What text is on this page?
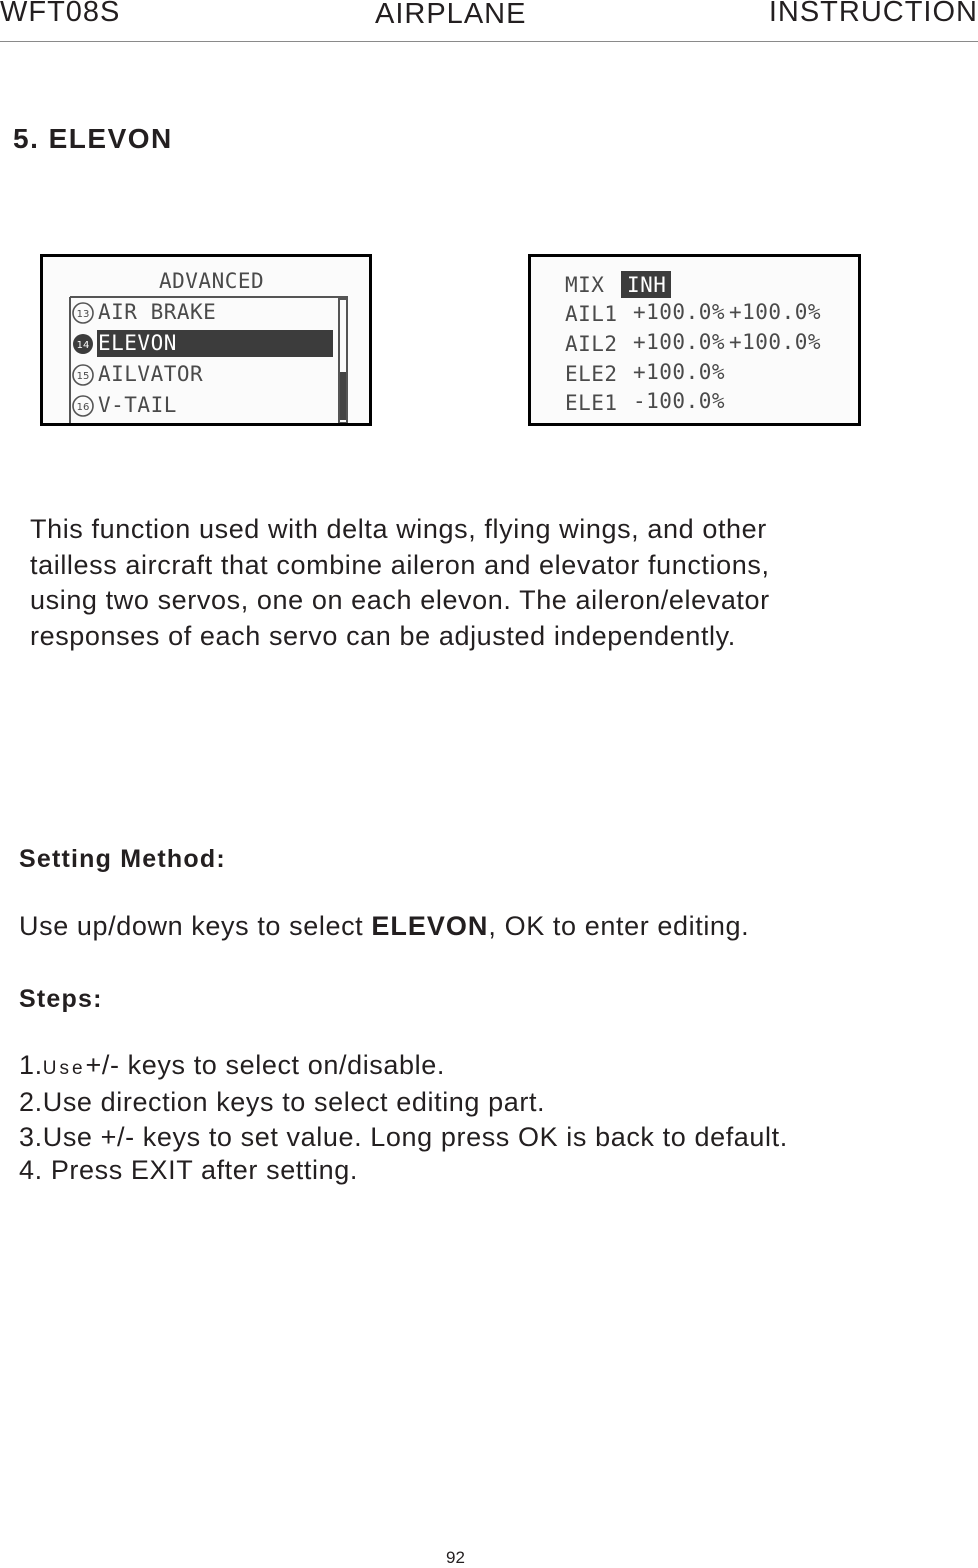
WFT08S	AIRPLANE	INSTRUCTION
5. ELEVON
13
14
15
16
ADVANCED
AIR BRAKE
ELEVON
AILVATOR
V-TAIL
MIX INH
AIL1 +100.0% +100.0%
AIL2 +100.0% +100.0%
ELE2 +100.0%
ELE1 -100.0%

This function used with delta wings, flying wings, and other

tailless aircraft that combine aileron and elevator functions,

using two servos, one on each elevon. The aileron/elevator

responses of each servo can be adjusted independently.

Setting Method:
Use up/down keys to select ELEVON, OK to enter editing.
Steps:
1.Use+/- keys to select on/disable.
2.Use direction keys to select editing part.
3.Use +/- keys to set value. Long press OK is back to default.
4. Press EXIT after setting.
92
